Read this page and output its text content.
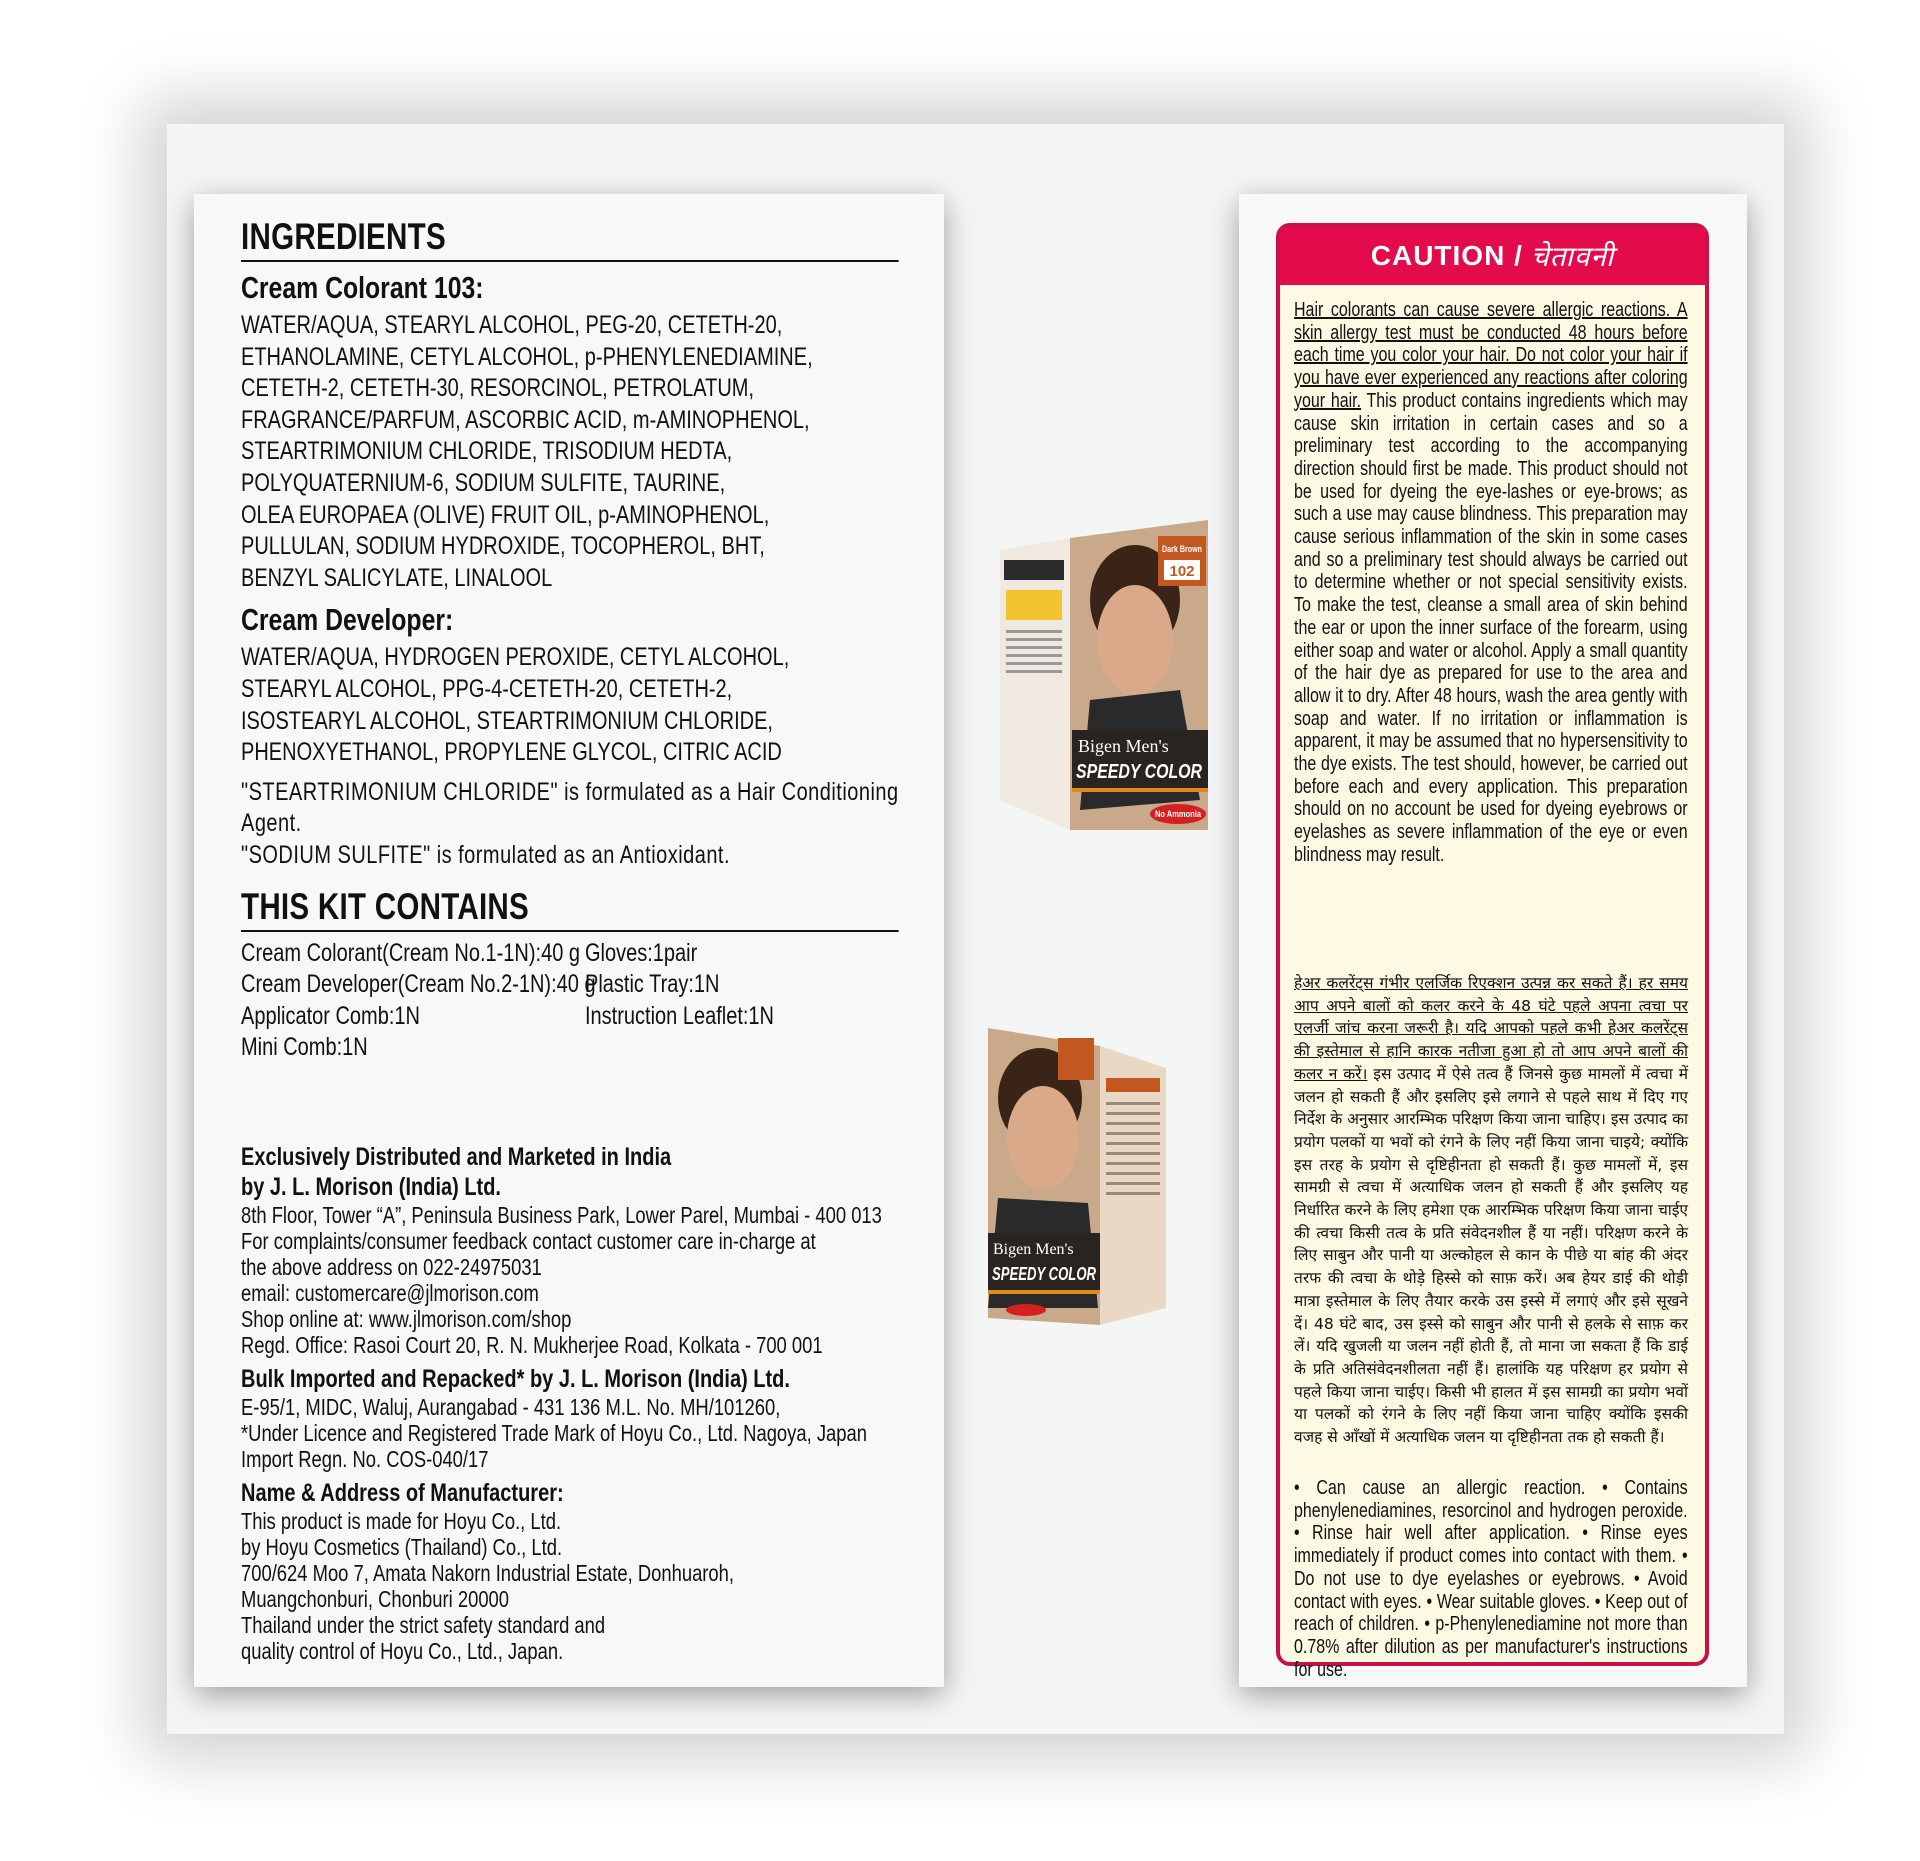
INGREDIENTS
Cream Colorant 103:
WATER/AQUA, STEARYL ALCOHOL, PEG-20, CETETH-20,
ETHANOLAMINE, CETYL ALCOHOL, p-PHENYLENEDIAMINE,
CETETH-2, CETETH-30, RESORCINOL, PETROLATUM,
FRAGRANCE/PARFUM, ASCORBIC ACID, m-AMINOPHENOL,
STEARTRIMONIUM CHLORIDE, TRISODIUM HEDTA,
POLYQUATERNIUM-6, SODIUM SULFITE, TAURINE,
OLEA EUROPAEA (OLIVE) FRUIT OIL, p-AMINOPHENOL,
PULLULAN, SODIUM HYDROXIDE, TOCOPHEROL, BHT,
BENZYL SALICYLATE, LINALOOL
Cream Developer:
WATER/AQUA, HYDROGEN PEROXIDE, CETYL ALCOHOL,
STEARYL ALCOHOL, PPG-4-CETETH-20, CETETH-2,
ISOSTEARYL ALCOHOL, STEARTRIMONIUM CHLORIDE,
PHENOXYETHANOL, PROPYLENE GLYCOL, CITRIC ACID
"STEARTRIMONIUM CHLORIDE" is formulated as a Hair Conditioning Agent.
"SODIUM SULFITE" is formulated as an Antioxidant.
THIS KIT CONTAINS
Cream Colorant(Cream No.1-1N):40 g
Cream Developer(Cream No.2-1N):40 g
Applicator Comb:1N
Mini Comb:1N
Gloves:1pair
Plastic Tray:1N
Instruction Leaflet:1N
Exclusively Distributed and Marketed in India
by J. L. Morison (India) Ltd.
8th Floor, Tower “A”, Peninsula Business Park, Lower Parel, Mumbai - 400 013
For complaints/consumer feedback contact customer care in-charge at
the above address on 022-24975031
email: customercare@jlmorison.com
Shop online at: www.jlmorison.com/shop
Regd. Office: Rasoi Court 20, R. N. Mukherjee Road, Kolkata - 700 001
Bulk Imported and Repacked* by J. L. Morison (India) Ltd.
E-95/1, MIDC, Waluj, Aurangabad - 431 136 M.L. No. MH/101260,
*Under Licence and Registered Trade Mark of Hoyu Co., Ltd. Nagoya, Japan
Import Regn. No. COS-040/17
Name & Address of Manufacturer:
This product is made for Hoyu Co., Ltd.
by Hoyu Cosmetics (Thailand) Co., Ltd.
700/624 Moo 7, Amata Nakorn Industrial Estate, Donhuaroh,
Muangchonburi, Chonburi 20000
Thailand under the strict safety standard and
quality control of Hoyu Co., Ltd., Japan.
Dark Brown
102
Bigen Men's
SPEEDY COLOR
No Ammonia
Bigen Men's
SPEEDY COLOR
CAUTION / चेतावनी

Hair colorants can cause severe allergic reactions. A skin allergy test must be conducted 48 hours before each time you color your hair. Do not color your hair if you have ever experienced any reactions after coloring your hair. This product contains ingredients which may cause skin irritation in certain cases and so a preliminary test according to the accompanying direction should first be made. This product should not be used for dyeing the eye-lashes or eye-brows; as such a use may cause blindness. This preparation may cause serious inflammation of the skin in some cases and so a preliminary test should always be carried out to determine whether or not special sensitivity exists. To make the test, cleanse a small area of skin behind the ear or upon the inner surface of the forearm, using either soap and water or alcohol. Apply a small quantity of the hair dye as prepared for use to the area and allow it to dry. After 48 hours, wash the area gently with soap and water. If no irritation or inflammation is apparent, it may be assumed that no hypersensitivity to the dye exists. The test should, however, be carried out before each and every application. This preparation should on no account be used for dyeing eyebrows or eyelashes as severe inflammation of the eye or even blindness may result.

हेअर कलरेंट्स गंभीर एलर्जिक रिएक्शन उत्पन्न कर सकते हैं। हर समय आप अपने बालों को कलर करने के 48 घंटे पहले अपना त्वचा पर एलर्जी जांच करना जरूरी है। यदि आपको पहले कभी हेअर कलरेंट्स की इस्तेमाल से हानि कारक नतीजा हुआ हो तो आप अपने बालों की कलर न करें। इस उत्पाद में ऐसे तत्व हैं जिनसे कुछ मामलों में त्वचा में जलन हो सकती हैं और इसलिए इसे लगाने से पहले साथ में दिए गए निर्देश के अनुसार आरम्भिक परिक्षण किया जाना चाहिए। इस उत्पाद का प्रयोग पलकों या भवों को रंगने के लिए नहीं किया जाना चाइये; क्योंकि इस तरह के प्रयोग से दृष्टिहीनता हो सकती हैं। कुछ मामलों में, इस सामग्री से त्वचा में अत्याधिक जलन हो सकती हैं और इसलिए यह निर्धारित करने के लिए हमेशा एक आरम्भिक परिक्षण किया जाना चाईए की त्वचा किसी तत्व के प्रति संवेदनशील हैं या नहीं। परिक्षण करने के लिए साबुन और पानी या अल्कोहल से कान के पीछे या बांह की अंदर तरफ की त्वचा के थोड़े हिस्से को साफ़ करें। अब हेयर डाई की थोड़ी मात्रा इस्तेमाल के लिए तैयार करके उस इस्से में लगाएं और इसे सूखने दें। 48 घंटे बाद, उस इस्से को साबुन और पानी से हलके से साफ़ कर लें। यदि खुजली या जलन नहीं होती हैं, तो माना जा सकता हैं कि डाई के प्रति अतिसंवेदनशीलता नहीं हैं। हालांकि यह परिक्षण हर प्रयोग से पहले किया जाना चाईए। किसी भी हालत में इस सामग्री का प्रयोग भवों या पलकों को रंगने के लिए नहीं किया जाना चाहिए क्योंकि इसकी वजह से आँखों में अत्याधिक जलन या दृष्टिहीनता तक हो सकती हैं।

• Can cause an allergic reaction. • Contains phenylenediamines, resorcinol and hydrogen peroxide. • Rinse hair well after application. • Rinse eyes immediately if product comes into contact with them. • Do not use to dye eyelashes or eyebrows. • Avoid contact with eyes. • Wear suitable gloves. • Keep out of reach of children. • p-Phenylenediamine not more than 0.78% after dilution as per manufacturer's instructions for use.
